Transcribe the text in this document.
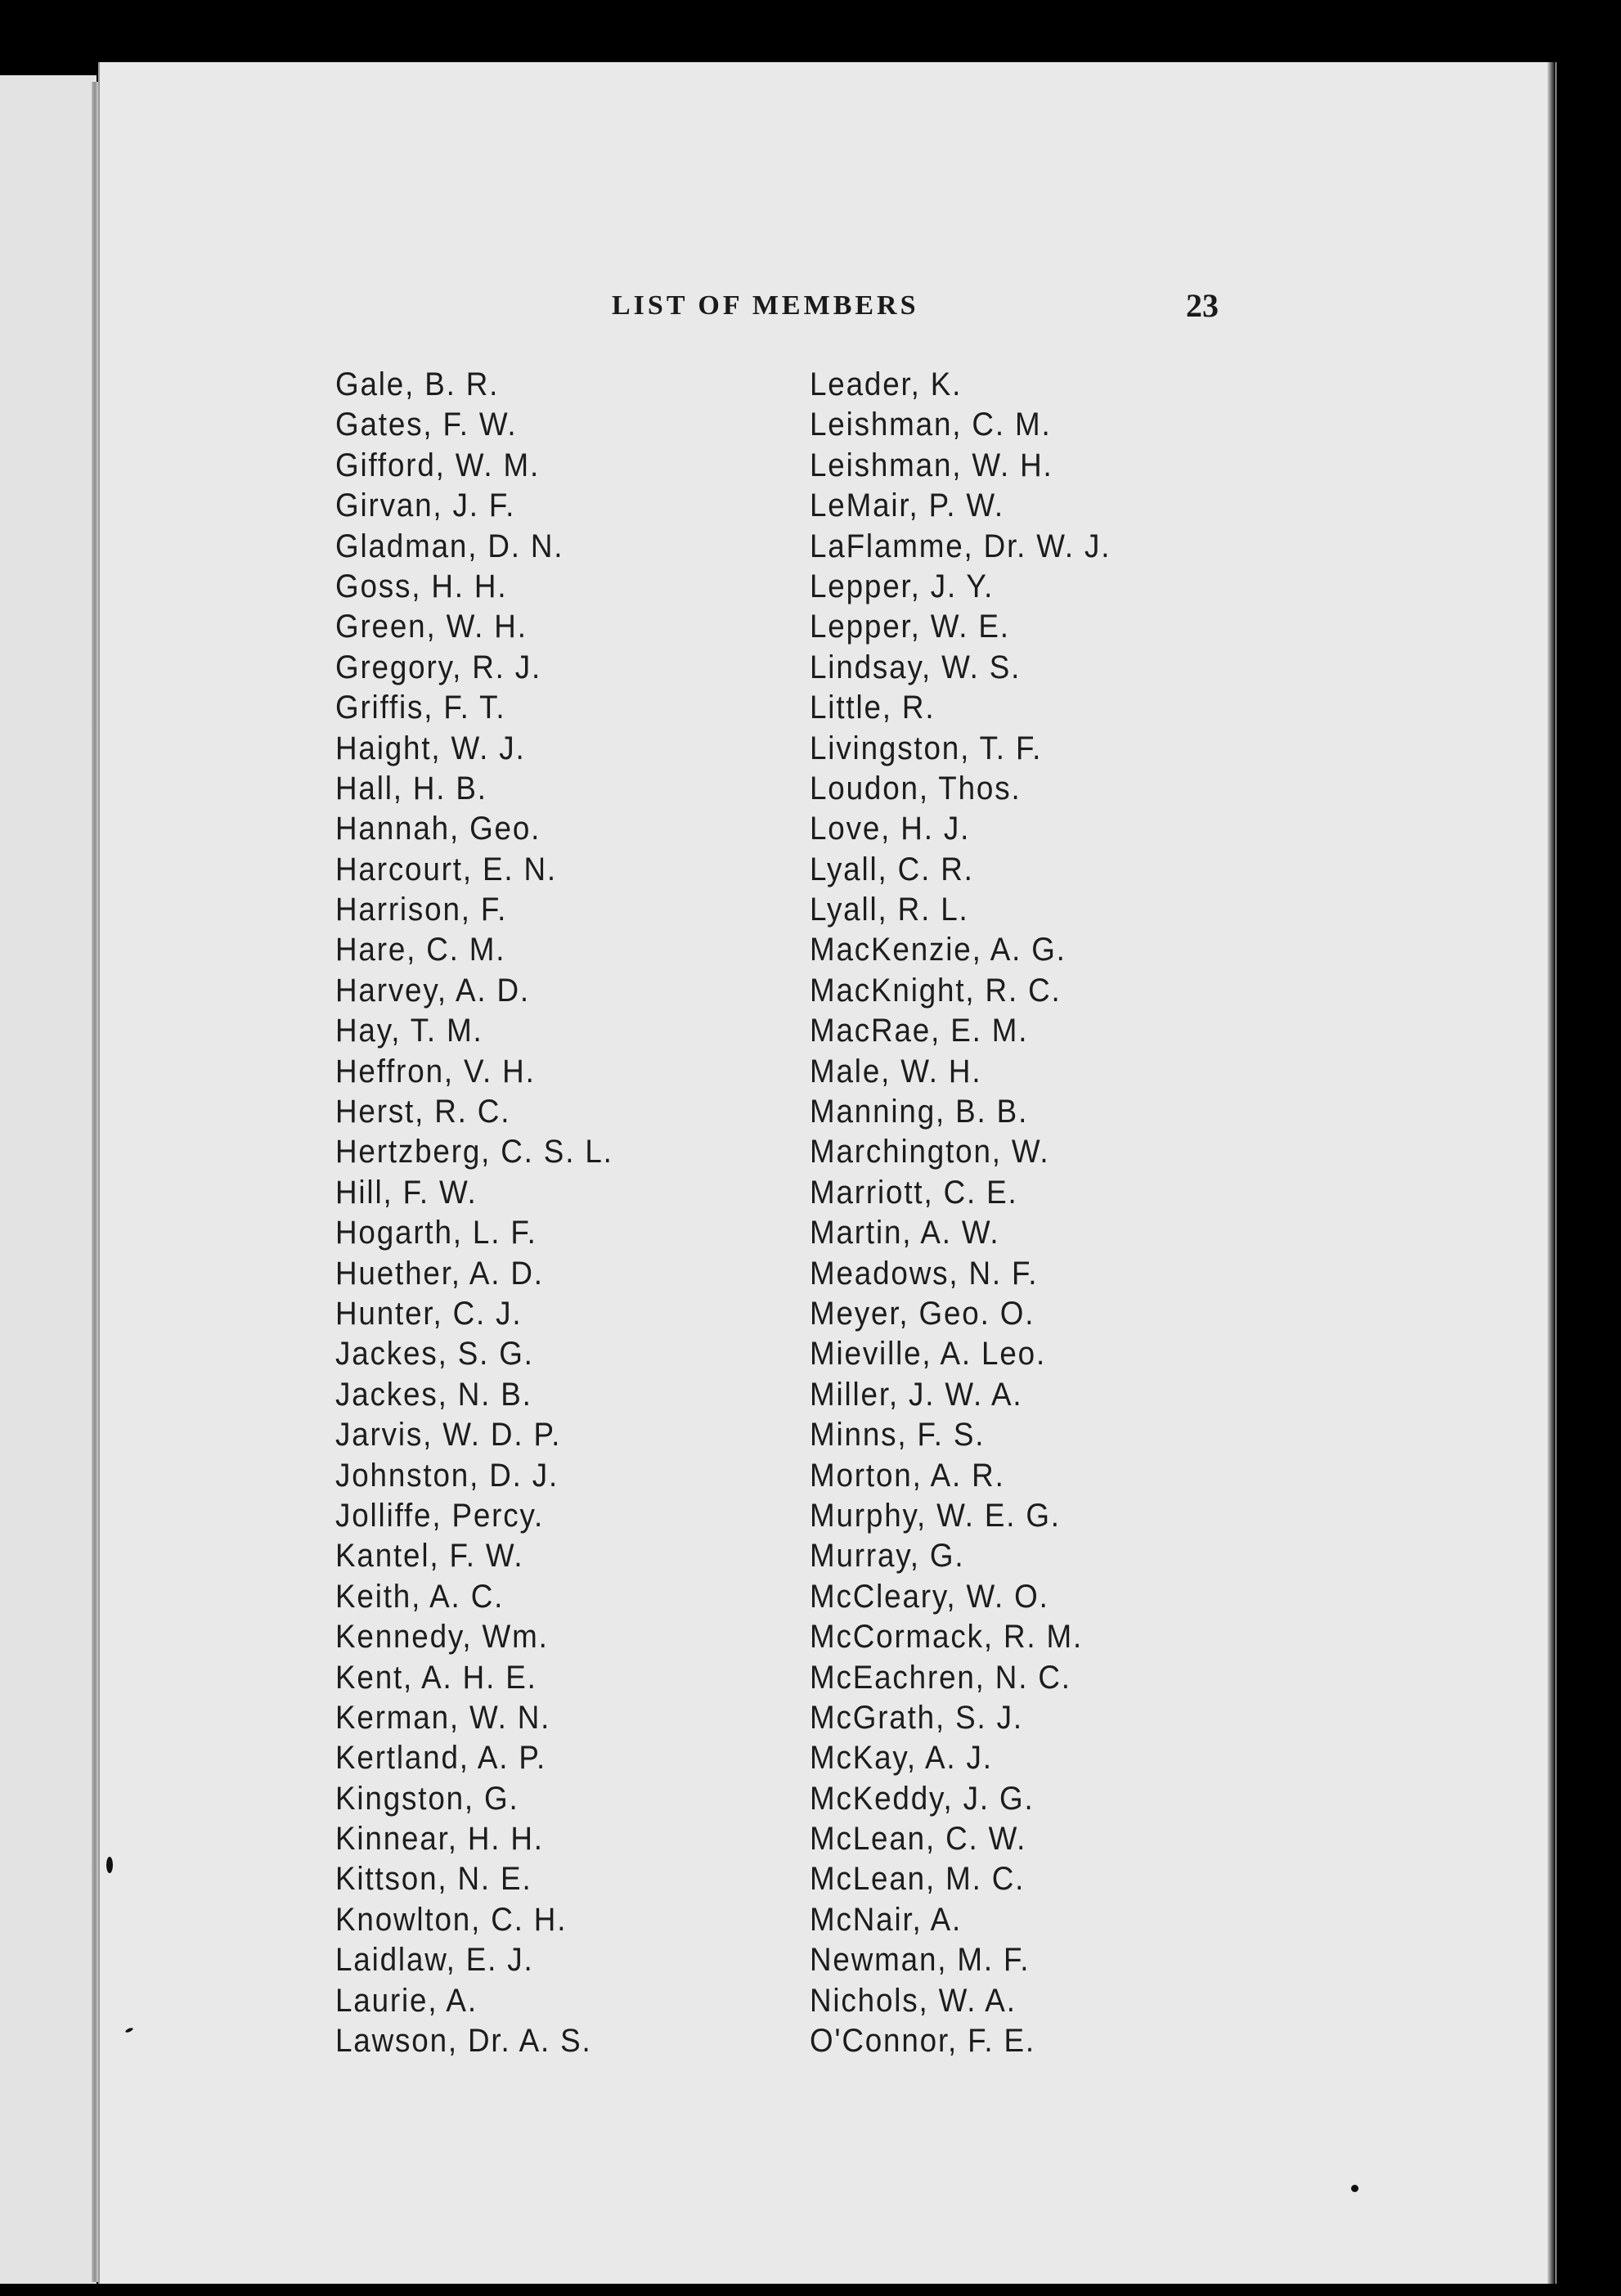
LIST OF MEMBERS	23
Gale, B. R.
Gates, F. W.
Gifford, W. M.
Girvan, J. F.
Gladman, D. N.
Goss, H. H.
Green, W. H.
Gregory, R. J.
Griffis, F. T.
Haight, W. J.
Hall, H. B.
Hannah, Geo.
Harcourt, E. N.
Harrison, F.
Hare, C. M.
Harvey, A. D.
Hay, T. M.
Heffron, V. H.
Herst, R. C.
Hertzberg, C. S. L.
Hill, F. W.
Hogarth, L. F.
Huether, A. D.
Hunter, C. J.
Jackes, S. G.
Jackes, N. B.
Jarvis, W. D. P.
Johnston, D. J.
Jolliffe, Percy.
Kantel, F. W.
Keith, A. C.
Kennedy, Wm.
Kent, A. H. E.
Kerman, W. N.
Kertland, A. P.
Kingston, G.
Kinnear, H. H.
Kittson, N. E.
Knowlton, C. H.
Laidlaw, E. J.
Laurie, A.
Lawson, Dr. A. S.
Leader, K.
Leishman, C. M.
Leishman, W. H.
LeMair, P. W.
LaFlamme, Dr. W. J.
Lepper, J. Y.
Lepper, W. E.
Lindsay, W. S.
Little, R.
Livingston, T. F.
Loudon, Thos.
Love, H. J.
Lyall, C. R.
Lyall, R. L.
MacKenzie, A. G.
MacKnight, R. C.
MacRae, E. M.
Male, W. H.
Manning, B. B.
Marchington, W.
Marriott, C. E.
Martin, A. W.
Meadows, N. F.
Meyer, Geo. O.
Mieville, A. Leo.
Miller, J. W. A.
Minns, F. S.
Morton, A. R.
Murphy, W. E. G.
Murray, G.
McCleary, W. O.
McCormack, R. M.
McEachren, N. C.
McGrath, S. J.
McKay, A. J.
McKeddy, J. G.
McLean, C. W.
McLean, M. C.
McNair, A.
Newman, M. F.
Nichols, W. A.
O'Connor, F. E.
